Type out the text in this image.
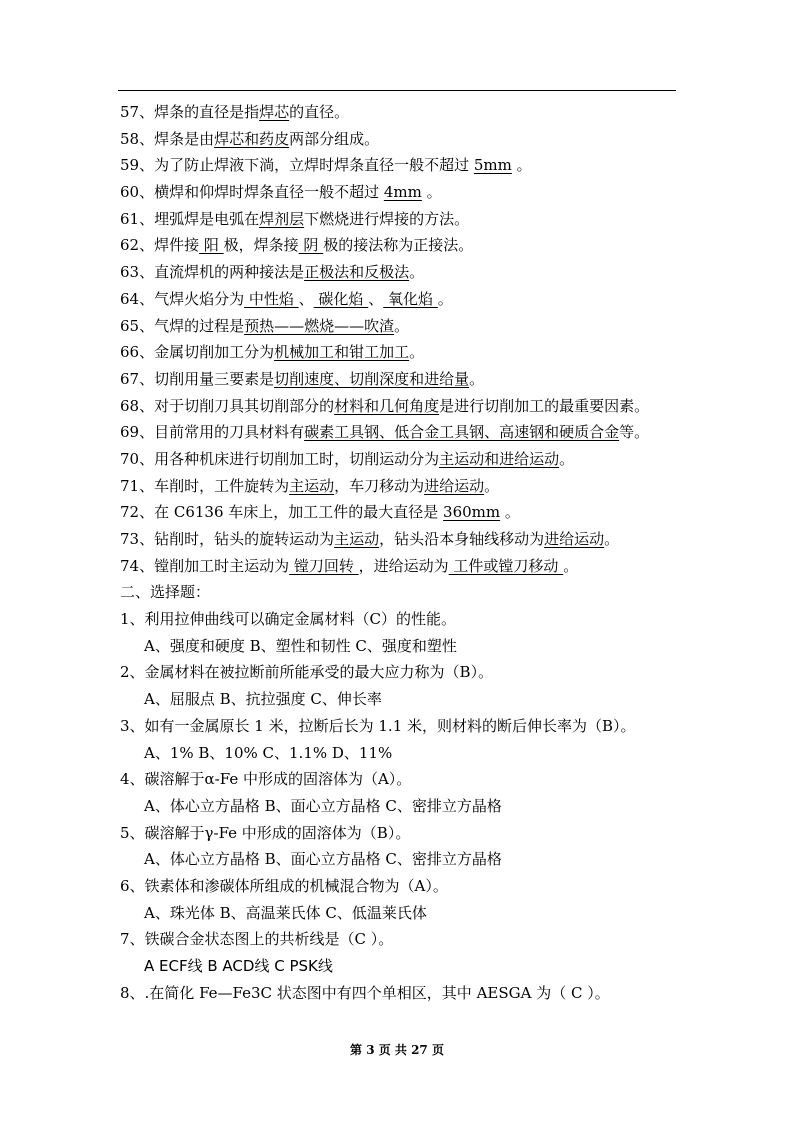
57、焊条的直径是指焊芯的直径。
58、焊条是由焊芯和药皮两部分组成。
59、为了防止焊液下淌，立焊时焊条直径一般不超过 5mm 。
60、横焊和仰焊时焊条直径一般不超过 4mm 。
61、埋弧焊是电弧在焊剂层下燃烧进行焊接的方法。
62、焊件接 阳 极，焊条接 阴 极的接法称为正接法。
63、直流焊机的两种接法是正极法和反极法。
64、气焊火焰分为 中性焰 、 碳化焰 、 氧化焰 。
65、气焊的过程是预热——燃烧——吹渣。
66、金属切削加工分为机械加工和钳工加工。
67、切削用量三要素是切削速度、切削深度和进给量。
68、对于切削刀具其切削部分的材料和几何角度是进行切削加工的最重要因素。
69、目前常用的刀具材料有碳素工具钢、低合金工具钢、高速钢和硬质合金等。
70、用各种机床进行切削加工时，切削运动分为主运动和进给运动。
71、车削时，工件旋转为主运动，车刀移动为进给运动。
72、在 C6136 车床上，加工工件的最大直径是 360mm 。
73、钻削时，钻头的旋转运动为主运动，钻头沿本身轴线移动为进给运动。
74、镗削加工时主运动为 镗刀回转 ，进给运动为 工件或镗刀移动 。
二、选择题：
1、利用拉伸曲线可以确定金属材料（C）的性能。
A、强度和硬度 B、塑性和韧性 C、强度和塑性
2、金属材料在被拉断前所能承受的最大应力称为（B）。
A、屈服点 B、抗拉强度 C、伸长率
3、如有一金属原长 1 米，拉断后长为 1.1 米，则材料的断后伸长率为（B）。
A、1% B、10% C、1.1% D、11%
4、碳溶解于α-Fe 中形成的固溶体为（A）。
A、体心立方晶格 B、面心立方晶格 C、密排立方晶格
5、碳溶解于γ-Fe 中形成的固溶体为（B）。
A、体心立方晶格 B、面心立方晶格 C、密排立方晶格
6、铁素体和渗碳体所组成的机械混合物为（A）。
A、珠光体 B、高温莱氏体 C、低温莱氏体
7、铁碳合金状态图上的共析线是（C ）。
A ECF线 B ACD线 C PSK线
8、.在简化 Fe—Fe3C 状态图中有四个单相区，其中 AESGA 为（ C ）。
第 3 页 共 27 页
